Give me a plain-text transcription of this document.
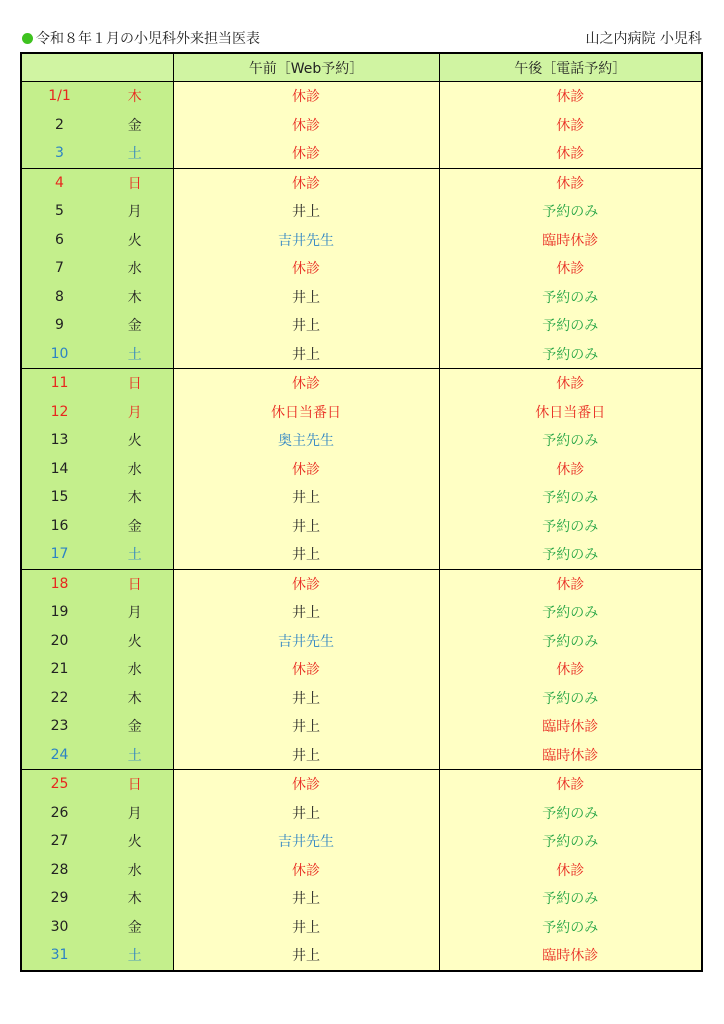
令和８年１月の小児科外来担当医表	山之内病院 小児科
		午前［Web予約］	午後［電話予約］
1/1	木	休診	休診
2	金	休診	休診
3	土	休診	休診
4	日	休診	休診
5	月	井上	予約のみ
6	火	吉井先生	臨時休診
7	水	休診	休診
8	木	井上	予約のみ
9	金	井上	予約のみ
10	土	井上	予約のみ
11	日	休診	休診
12	月	休日当番日	休日当番日
13	火	奥主先生	予約のみ
14	水	休診	休診
15	木	井上	予約のみ
16	金	井上	予約のみ
17	土	井上	予約のみ
18	日	休診	休診
19	月	井上	予約のみ
20	火	吉井先生	予約のみ
21	水	休診	休診
22	木	井上	予約のみ
23	金	井上	臨時休診
24	土	井上	臨時休診
25	日	休診	休診
26	月	井上	予約のみ
27	火	吉井先生	予約のみ
28	水	休診	休診
29	木	井上	予約のみ
30	金	井上	予約のみ
31	土	井上	臨時休診
